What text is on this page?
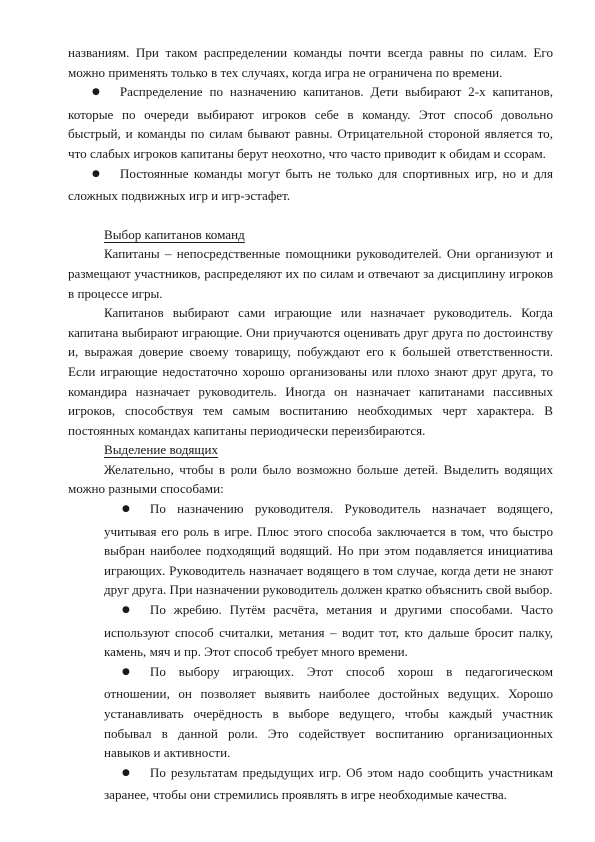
названиям. При таком распределении команды почти всегда равны по силам. Его можно применять только в тех случаях, когда игра не ограничена по времени.

● Распределение по назначению капитанов. Дети выбирают 2-х капитанов, которые по очереди выбирают игроков себе в команду. Этот способ довольно быстрый, и команды по силам бывают равны. Отрицательной стороной является то, что слабых игроков капитаны берут неохотно, что часто приводит к обидам и ссорам.

● Постоянные команды могут быть не только для спортивных игр, но и для сложных подвижных игр и игр-эстафет.

Выбор капитанов команд

Капитаны – непосредственные помощники руководителей. Они организуют и размещают участников, распределяют их по силам и отвечают за дисциплину игроков в процессе игры.

Капитанов выбирают сами играющие или назначает руководитель. Когда капитана выбирают играющие. Они приучаются оценивать друг друга по достоинству и, выражая доверие своему товарищу, побуждают его к большей ответственности. Если играющие недостаточно хорошо организованы или плохо знают друг друга, то командира назначает руководитель. Иногда он назначает капитанами пассивных игроков, способствуя тем самым воспитанию необходимых черт характера. В постоянных командах капитаны периодически переизбираются.

Выделение водящих

Желательно, чтобы в роли было возможно больше детей. Выделить водящих можно разными способами:

● По назначению руководителя. Руководитель назначает водящего, учитывая его роль в игре. Плюс этого способа заключается в том, что быстро выбран наиболее подходящий водящий. Но при этом подавляется инициатива играющих. Руководитель назначает водящего в том случае, когда дети не знают друг друга. При назначении руководитель должен кратко объяснить свой выбор.

● По жребию. Путём расчёта, метания и другими способами. Часто используют способ считалки, метания – водит тот, кто дальше бросит палку, камень, мяч и пр. Этот способ требует много времени.

● По выбору играющих. Этот способ хорош в педагогическом отношении, он позволяет выявить наиболее достойных ведущих. Хорошо устанавливать очерёдность в выборе ведущего, чтобы каждый участник побывал в данной роли. Это содействует воспитанию организационных навыков и активности.

● По результатам предыдущих игр. Об этом надо сообщить участникам заранее, чтобы они стремились проявлять в игре необходимые качества.
